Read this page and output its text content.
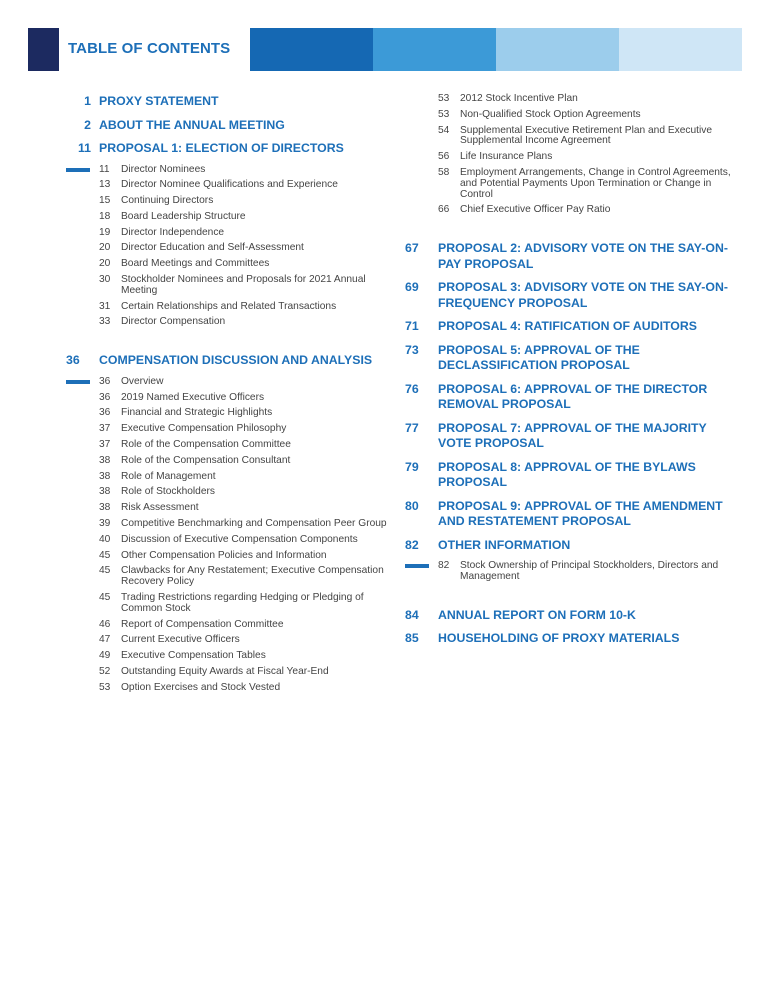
TABLE OF CONTENTS
1 PROXY STATEMENT
2 ABOUT THE ANNUAL MEETING
11 PROPOSAL 1: ELECTION OF DIRECTORS
11	Director Nominees
13	Director Nominee Qualifications and Experience
15	Continuing Directors
18	Board Leadership Structure
19	Director Independence
20	Director Education and Self-Assessment
20	Board Meetings and Committees
30	Stockholder Nominees and Proposals for 2021 Annual Meeting
31	Certain Relationships and Related Transactions
33	Director Compensation
36	COMPENSATION DISCUSSION AND ANALYSIS
36	Overview
36	2019 Named Executive Officers
36	Financial and Strategic Highlights
37	Executive Compensation Philosophy
37	Role of the Compensation Committee
38	Role of the Compensation Consultant
38	Role of Management
38	Role of Stockholders
38	Risk Assessment
39	Competitive Benchmarking and Compensation Peer Group
40	Discussion of Executive Compensation Components
45	Other Compensation Policies and Information
45	Clawbacks for Any Restatement; Executive Compensation Recovery Policy
45	Trading Restrictions regarding Hedging or Pledging of Common Stock
46	Report of Compensation Committee
47	Current Executive Officers
49	Executive Compensation Tables
52	Outstanding Equity Awards at Fiscal Year-End
53	Option Exercises and Stock Vested
53	2012 Stock Incentive Plan
53	Non-Qualified Stock Option Agreements
54	Supplemental Executive Retirement Plan and Executive Supplemental Income Agreement
56	Life Insurance Plans
58	Employment Arrangements, Change in Control Agreements, and Potential Payments Upon Termination or Change in Control
66	Chief Executive Officer Pay Ratio
67	PROPOSAL 2: ADVISORY VOTE ON THE SAY-ON-PAY PROPOSAL
69	PROPOSAL 3: ADVISORY VOTE ON THE SAY-ON-FREQUENCY PROPOSAL
71	PROPOSAL 4: RATIFICATION OF AUDITORS
73	PROPOSAL 5: APPROVAL OF THE DECLASSIFICATION PROPOSAL
76	PROPOSAL 6: APPROVAL OF THE DIRECTOR REMOVAL PROPOSAL
77	PROPOSAL 7: APPROVAL OF THE MAJORITY VOTE PROPOSAL
79	PROPOSAL 8: APPROVAL OF THE BYLAWS PROPOSAL
80	PROPOSAL 9: APPROVAL OF THE AMENDMENT AND RESTATEMENT PROPOSAL
82	OTHER INFORMATION
82	Stock Ownership of Principal Stockholders, Directors and Management
84	ANNUAL REPORT ON FORM 10-K
85	HOUSEHOLDING OF PROXY MATERIALS
